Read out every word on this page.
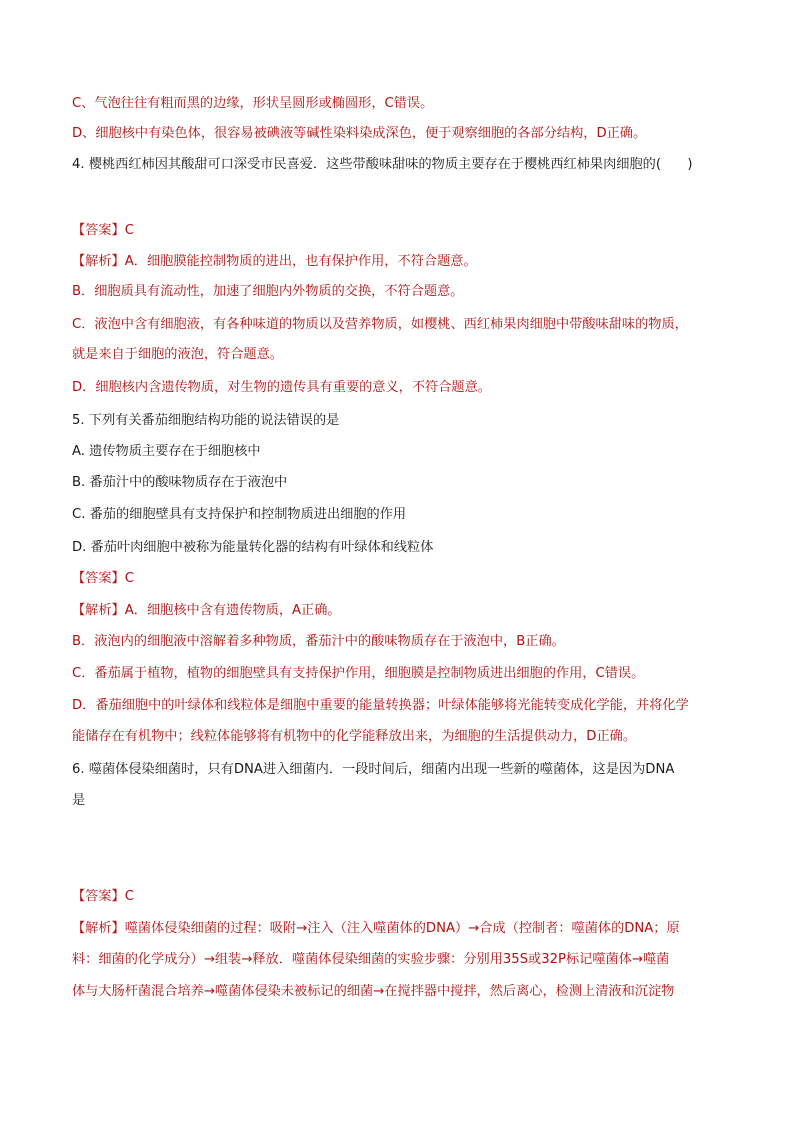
C、气泡往往有粗而黑的边缘，形状呈圆形或椭圆形，C错误。
D、细胞核中有染色体，很容易被碘液等碱性染料染成深色，便于观察细胞的各部分结构，D正确。
4. 樱桃西红柿因其酸甜可口深受市民喜爱．这些带酸味甜味的物质主要存在于樱桃西红柿果肉细胞的(　　)
【答案】C
【解析】A．细胞膜能控制物质的进出，也有保护作用，不符合题意。
B．细胞质具有流动性，加速了细胞内外物质的交换，不符合题意。
C．液泡中含有细胞液，有各种味道的物质以及营养物质，如樱桃、西红柿果肉细胞中带酸味甜味的物质，
就是来自于细胞的液泡，符合题意。
D．细胞核内含遗传物质，对生物的遗传具有重要的意义，不符合题意。
5. 下列有关番茄细胞结构功能的说法错误的是
A. 遗传物质主要存在于细胞核中
B. 番茄汁中的酸味物质存在于液泡中
C. 番茄的细胞壁具有支持保护和控制物质进出细胞的作用
D. 番茄叶肉细胞中被称为能量转化器的结构有叶绿体和线粒体
【答案】C
【解析】A．细胞核中含有遗传物质，A正确。
B．液泡内的细胞液中溶解着多种物质，番茄汁中的酸味物质存在于液泡中，B正确。
C．番茄属于植物，植物的细胞壁具有支持保护作用，细胞膜是控制物质进出细胞的作用，C错误。
D．番茄细胞中的叶绿体和线粒体是细胞中重要的能量转换器；叶绿体能够将光能转变成化学能，并将化学
能储存在有机物中；线粒体能够将有机物中的化学能释放出来，为细胞的生活提供动力，D正确。
6. 噬菌体侵染细菌时，只有DNA进入细菌内．一段时间后，细菌内出现一些新的噬菌体，这是因为DNA
是
【答案】C
【解析】噬菌体侵染细菌的过程：吸附→注入（注入噬菌体的DNA）→合成（控制者：噬菌体的DNA；原
料：细菌的化学成分）→组装→释放．噬菌体侵染细菌的实验步骤：分别用35S或32P标记噬菌体→噬菌
体与大肠杆菌混合培养→噬菌体侵染未被标记的细菌→在搅拌器中搅拌，然后离心，检测上清液和沉淀物
